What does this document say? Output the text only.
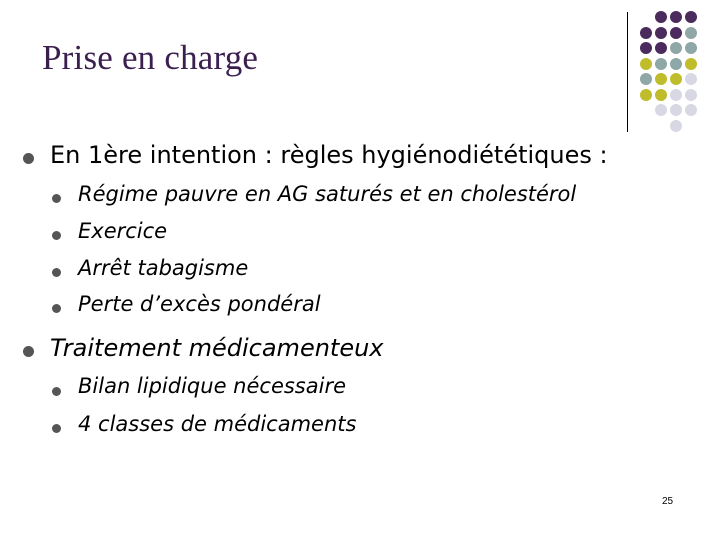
Prise en charge
En 1ère intention : règles hygiénodiététiques :
Régime pauvre en AG saturés et en cholestérol
Exercice
Arrêt tabagisme
Perte d’excès pondéral
Traitement médicamenteux
Bilan lipidique nécessaire
4 classes de médicaments
25
